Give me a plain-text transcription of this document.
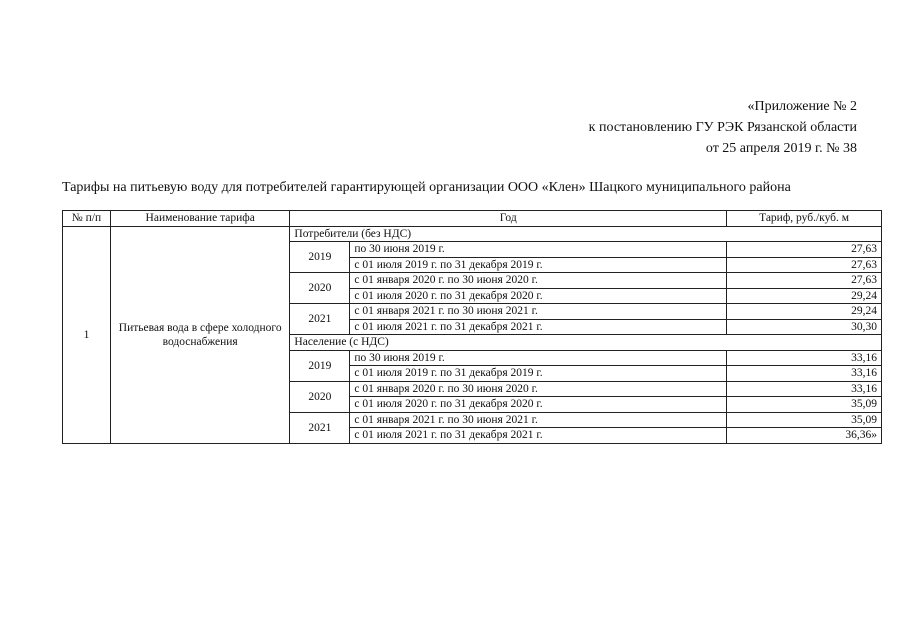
«Приложение № 2
к постановлению ГУ РЭК Рязанской области
от 25 апреля 2019 г. № 38
Тарифы на питьевую воду для потребителей гарантирующей организации ООО «Клен» Шацкого муниципального района
№ п/п	Наименование тарифа	Год		Тариф, руб./куб. м
1	Питьевая вода в сфере холодного водоснабжения	Потребители (без НДС)		
		2019	по 30 июня 2019 г.	27,63
			с 01 июля 2019 г. по 31 декабря 2019 г.	27,63
		2020	с 01 января 2020 г. по 30 июня 2020 г.	27,63
			с 01 июля 2020 г. по 31 декабря 2020 г.	29,24
		2021	с 01 января 2021 г. по 30 июня 2021 г.	29,24
			с 01 июля 2021 г. по 31 декабря 2021 г.	30,30
		Население (с НДС)		
		2019	по 30 июня 2019 г.	33,16
			с 01 июля 2019 г. по 31 декабря 2019 г.	33,16
		2020	с 01 января 2020 г. по 30 июня 2020 г.	33,16
			с 01 июля 2020 г. по 31 декабря 2020 г.	35,09
		2021	с 01 января 2021 г. по 30 июня 2021 г.	35,09
			с 01 июля 2021 г. по 31 декабря 2021 г.	36,36»
